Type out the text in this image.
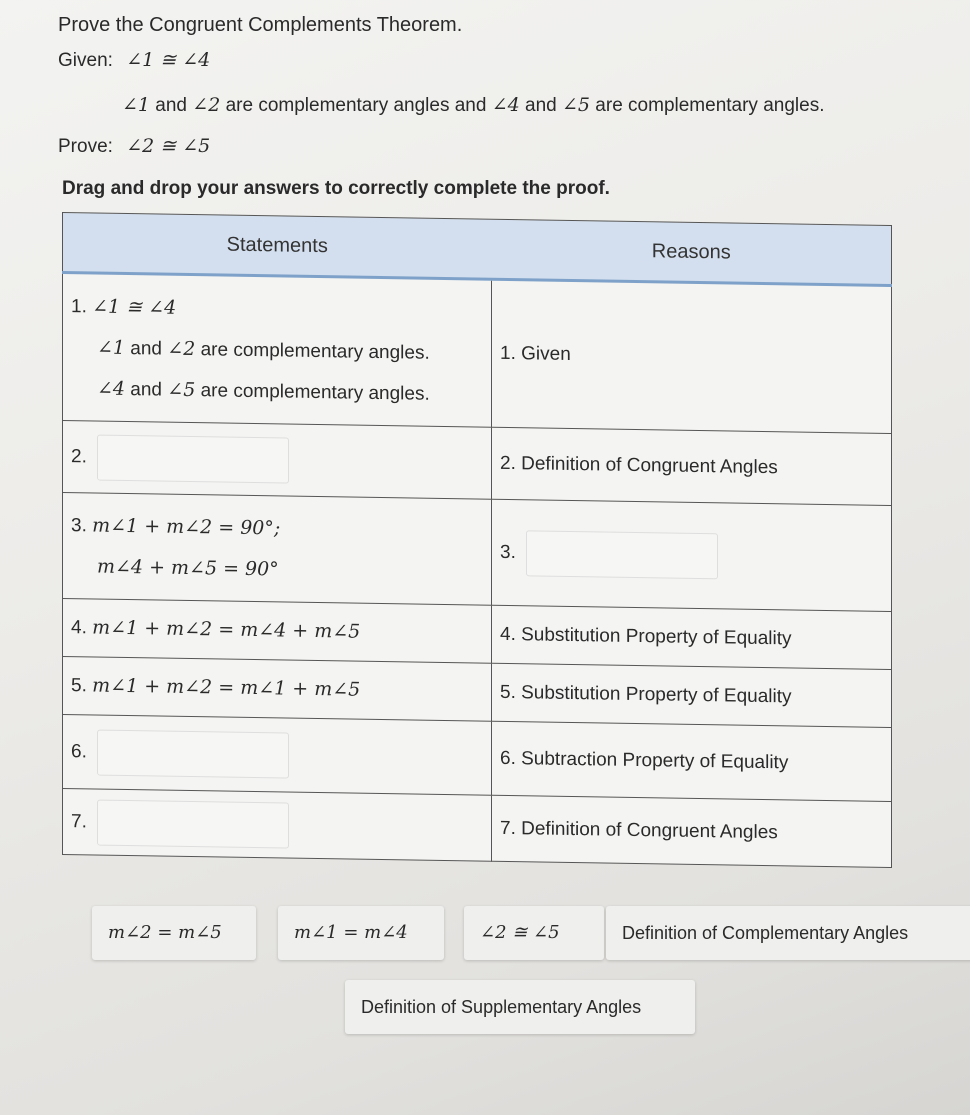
Prove the Congruent Complements Theorem.
Given: ∠1 ≅ ∠4
∠1 and ∠2 are complementary angles and ∠4 and ∠5 are complementary angles.
Prove: ∠2 ≅ ∠5
Drag and drop your answers to correctly complete the proof.
Statements	Reasons

1. ∠1 ≅ ∠4
∠1 and ∠2 are complementary angles.
∠4 and ∠5 are complementary angles.	1. Given
2.	2. Definition of Congruent Angles

3. m∠1 + m∠2 = 90°;
m∠4 + m∠5 = 90°	3.
4. m∠1 + m∠2 = m∠4 + m∠5	4. Substitution Property of Equality
5. m∠1 + m∠2 = m∠1 + m∠5	5. Substitution Property of Equality
6.	6. Subtraction Property of Equality
7.	7. Definition of Congruent Angles
m∠2 = m∠5	m∠1 = m∠4	∠2 ≅ ∠5	Definition of Complementary Angles
Definition of Supplementary Angles
